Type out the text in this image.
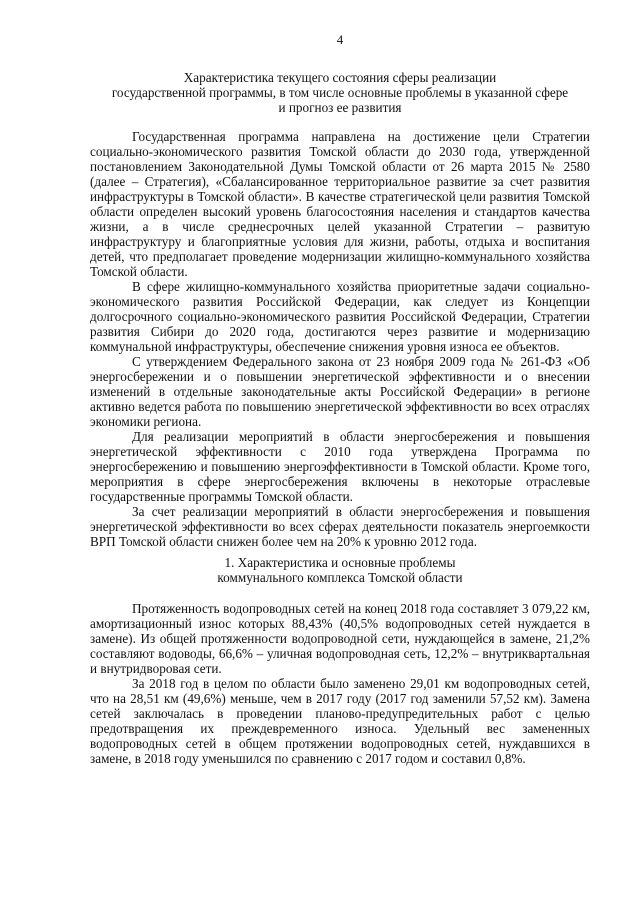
4
Характеристика текущего состояния сферы реализации
государственной программы, в том числе основные проблемы в указанной сфере
и прогноз ее развития

Государственная программа направлена на достижение цели Стратегии социально-экономического развития Томской области до 2030 года, утвержденной постановлением Законодательной Думы Томской области от 26 марта 2015 № 2580 (далее – Стратегия), «Сбалансированное территориальное развитие за счет развития инфраструктуры в Томской области». В качестве стратегической цели развития Томской области определен высокий уровень благосостояния населения и стандартов качества жизни, а в числе среднесрочных целей указанной Стратегии – развитую инфраструктуру и благоприятные условия для жизни, работы, отдыха и воспитания детей, что предполагает проведение модернизации жилищно-коммунального хозяйства Томской области.

В сфере жилищно-коммунального хозяйства приоритетные задачи социально-экономического развития Российской Федерации, как следует из Концепции долгосрочного социально-экономического развития Российской Федерации, Стратегии развития Сибири до 2020 года, достигаются через развитие и модернизацию коммунальной инфраструктуры, обеспечение снижения уровня износа ее объектов.

С утверждением Федерального закона от 23 ноября 2009 года № 261-ФЗ «Об энергосбережении и о повышении энергетической эффективности и о внесении изменений в отдельные законодательные акты Российской Федерации» в регионе активно ведется работа по повышению энергетической эффективности во всех отраслях экономики региона.

Для реализации мероприятий в области энергосбережения и повышения энергетической эффективности с 2010 года утверждена Программа по энергосбережению и повышению энергоэффективности в Томской области. Кроме того, мероприятия в сфере энергосбережения включены в некоторые отраслевые государственные программы Томской области.

За счет реализации мероприятий в области энергосбережения и повышения энергетической эффективности во всех сферах деятельности показатель энергоемкости ВРП Томской области снижен более чем на 20% к уровню 2012 года.

1. Характеристика и основные проблемы
коммунального комплекса Томской области

Протяженность водопроводных сетей на конец 2018 года составляет 3 079,22 км, амортизационный износ которых 88,43% (40,5% водопроводных сетей нуждается в замене). Из общей протяженности водопроводной сети, нуждающейся в замене, 21,2% составляют водоводы, 66,6% – уличная водопроводная сеть, 12,2% – внутриквартальная и внутридворовая сети.

За 2018 год в целом по области было заменено 29,01 км водопроводных сетей, что на 28,51 км (49,6%) меньше, чем в 2017 году (2017 год заменили 57,52 км). Замена сетей заключалась в проведении планово-предупредительных работ с целью предотвращения их преждевременного износа. Удельный вес замененных водопроводных сетей в общем протяжении водопроводных сетей, нуждавшихся в замене, в 2018 году уменьшился по сравнению с 2017 годом и составил 0,8%.
